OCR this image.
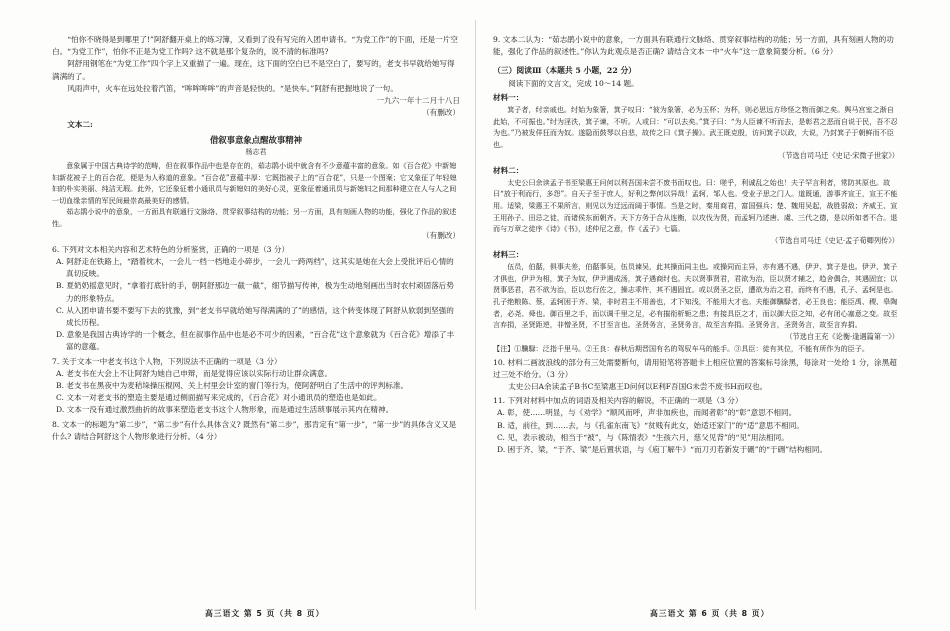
“怕你不晓得是到哪里了!”阿舒翻开桌上的练习簿，又看到了没有写完的入团申请书。“为党工作”的下面，还是一片空白。“为党工作”，怕你不正是为党工作吗? 这不就是那个复杂的，说不清的标准吗?

阿舒用钢笔在“为党工作”四个字上又重描了一遍。现在，这下面的空白已不是空白了，要写的，老支书早就给她写得满满的了。

风雨声中，火车在远处拉着汽笛，“哞哞哞哞”的声音是轻快的。“是快车。”阿舒有把握地说了一句。

一九六一年十二月十八日

（有删改）

文本二:

借叙事意象点醒故事精神

杨志君

意象属于中国古典诗学的范畴，但在叙事作品中也是存在的，茹志鹃小说中就含有不少意蕴丰富的意象。如《百合花》中新媳妇新花被子上的百合花，便是为人称道的意象。“百合花”意蕴丰厚：它既指被子上的“百合花”，只是一个图案；它又象征了年轻媳妇的朴实美丽、纯洁无瑕。此外，它还象征着小通讯员与新媳妇的美好心灵，更象征着通讯员与新媳妇之间那种建立在人与人之间一切血缘亲情的军民间最崇高最美好的感情。

茹志鹃小说中的意象，一方面具有联通行文脉络、贯穿叙事结构的功能；另一方面，具有刻画人物的功能，强化了作品的叙述性。

（有删改）

6. 下列对文本相关内容和艺术特色的分析鉴赏，正确的一项是（3 分）

A. 阿舒走在铁路上，“踏着枕木，一会儿一档一档地走小碎步，一会儿一跨两档”，这其实是她在大会上受批评后心情的真切反映。

B. 夏奶奶摇意见时，“拿着打底针的手，朝阿舒那边一截一截”，细节描写传神，极为生动地刻画出当时农村顽固落后势力的形象特点。

C. 从入团申请书要不要写下去的犹豫，到“老支书早就给她写得满满的了”的感悟，这个转变体现了阿舒从软弱到坚强的成长历程。

D. 意象是我国古典诗学的一个概念，但在叙事作品中也是必不可少的因素，“百合花”这个意象就为《百合花》增添了丰富的意蕴。

7. 关于文本一中老支书这个人物，下列说法不正确的一项是（3 分）

A. 老支书在大会上不让阿舒为她自己申辩，而是觉得应该以实际行动让群众满意。

B. 老支书在黑夜中为麦秸垛操压棍网、关上村里会计室的窗门等行为，使阿舒明白了生活中的评判标准。

C. 文本一对老支书的塑造主要是通过侧面描写来完成的，《百合花》对小通讯员的塑造也是如此。

D. 文本一没有通过激烈曲折的故事来塑造老支书这个人物形象，而是通过生活琐事展示其内在精神。

8. 文本一的标题为“第二步”，“第二步”有什么具体含义? 既然有“第二步”，那肯定有“第一步”，“第一步”的具体含义又是什么? 请结合阿舒这个人物形象进行分析。（4 分）

9. 文本二认为：“茹志鹃小说中的意象，一方面具有联通行文脉络、贯穿叙事结构的功能；另一方面，具有刻画人物的功能，强化了作品的叙述性。”你认为此观点是否正确? 请结合文本一中“火车”这一意象简要分析。（6 分）

（三）阅读Ⅲ（本题共 5 小题，22 分）

阅读下面的文言文，完成 10～14 题。

材料一：

箕子者，纣亲戚也。纣始为象箸，箕子叹曰：“彼为象箸，必为玉杯；为杯，则必思远方珍怪之物而御之矣。舆马宫室之渐自此始，不可振也。”纣为淫泆，箕子谏，不听。人或曰：“可以去矣。”箕子曰：“为人臣谏不听而去，是彰君之恶而自说于民，吾不忍为也。”乃被发佯狂而为奴。遂隐而鼓琴以自悲，故传之曰《箕子操》。武王既克殷，访问箕子以政，大说，乃封箕子于朝鲜而不臣也。

（节选自司马迁《史记·宋微子世家》）

材料二：

太史公曰余读孟子书至梁惠王问何以利吾国未尝不废书而叹也。曰：嗟乎，利诚乱之始也！夫子罕言利者，常防其原也。故曰“放于利而行，多怨”。自天子至于庶人，好利之弊何以异哉！孟轲，邹人也。受业子思之门人。道既通，游事齐宣王，宣王不能用。适梁，梁惠王不果所言，则见以为迂远而阔于事情。当是之时，秦用商君，富国强兵；楚、魏用吴起，战胜弱敌；齐威王、宣王用孙子、田忌之徒，而诸侯东面朝齐。天下方务于合从连衡，以攻伐为贤，而孟轲乃述唐、虞、三代之德，是以所如者不合。退而与万章之徒序《诗》《书》，述仲尼之意，作《孟子》七篇。

（节选自司马迁《史记·孟子荀卿列传》）

材料三：

伍员，伯嚭，俱事夫差，伯嚭事吴，伍员谏吴，此其操而同主也。或操同而主异，亦有遇不遇，伊尹、箕子是也。伊尹、箕子才俱也，伊尹为相，箕子为奴，伊尹遇成汤，箕子遇商纣也。夫以贤事贤君，君欲为治，臣以贤才辅之，趋舍偶合，其遇固宜；以贤事恶君，君不欲为治，臣以忠行佐之，操志乖忤，其不遇固宜。或以贤圣之臣，遭欲为治之君，而终有不遇，孔子、孟轲是也。孔子绝粮陈、蔡，孟轲困于齐、梁，非时君主不用善也，才下知浅，不能用大才也。夫能御驥騄者，必王良也；能臣禹、稷、皋陶者，必尧、舜也。御百里之手，而以调千里之足，必有摧衔析轭之患；有接具臣之才，而以御大臣之知，必有闭心塞意之变。故至言弃捐，圣贤距逆，非憎圣贤，不甘至言也。圣贤务言，圣贤务言，故至言弃捐。圣贤务言，圣贤务言，故至言弃捐。

（节选自王充《论衡·逢遇篇第一》）

【注】①驥騄：泛指千里马。②王良：春秋后期晋国有名的驾驭车马的能手。③具臣：徒有其位，不能有所作为的臣子。

10. 材料二画波浪线的部分有三处需要断句，请用铅笔将答题卡上相应位置的答案标号涂黑，每涂对一处给 1 分，涂黑超过三处不给分。（3 分）

太史公曰A余读孟子B书C至梁惠王D问何以E利F吾国G未尝不废书H而叹也。

11. 下列对材料中加点的词语及相关内容的解说，不正确的一项是（3 分）

A. 彰，使……明显，与《劝学》“顺风而呼，声非加疾也，而闻者彰”的“彰”意思不相同。

B. 适，前往，到……去，与《孔雀东南飞》“贫贱有此女，始适还家门”的“适”意思不相同。

C. 见，表示被动，相当于“被”，与《陈情表》“生孩六月，慈父见背”的“见”用法相同。

D. 困于齐、梁，“于齐、梁”是后置状语，与《庖丁解牛》“而刀刃若新发于硎”的“于硎”结构相同。

高三语文 第 5 页（共 8 页）	高三语文 第 6 页（共 8 页）
